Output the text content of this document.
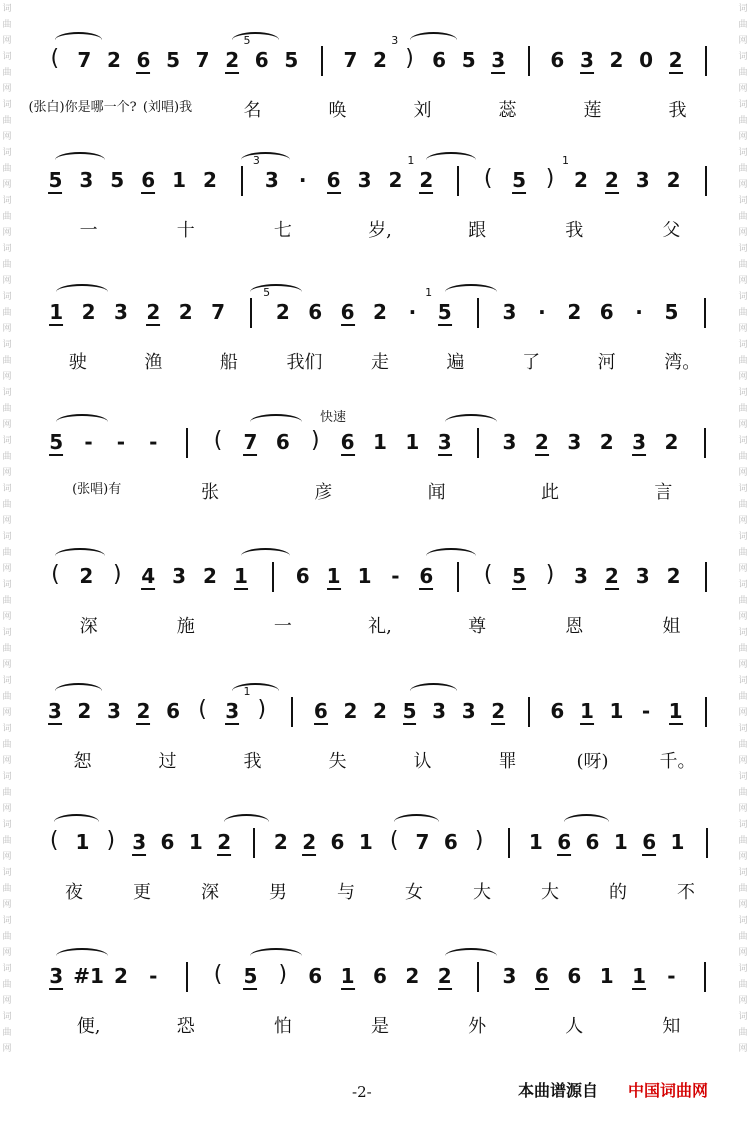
词
曲
网
词
曲
网
词
曲
网
词
曲
网
词
曲
网
词
曲
网
词
曲
网
词
曲
网
词
曲
网
词
曲
网
词
曲
网
词
曲
网
词
曲
网
词
曲
网
词
曲
网
词
曲
网
词
曲
网
词
曲
网
词
曲
网
词
曲
网
词
曲
网
词
曲
网
词
曲
网
词
曲
网
词
曲
网
词
曲
网
词
曲
网
词
曲
网
词
曲
网
词
曲
网
词
曲
网
词
曲
网
词
曲
网
词
曲
网
词
曲
网
词
曲
网
词
曲
网
词
曲
网
词
曲
网
词
曲
网
词
曲
网
词
曲
网
词
曲
网
词
曲
网
( 7 2 6 5 7 2 6 5 7 2 ) 6 5 3 6 3 2 0 2
5	3
(张白)你是哪一个? (刘唱)我	名	唤	刘	蕊	莲	我
5 3 5 6 1 2 3 · 6 3 2 2 ( 5 ) 2 2 3 2
3	1	1
一	十	七	岁,	跟	我	父
1 2 3 2 2 7	2 6 6 2 · 5	3 · 2 6 · 5
5	1
驶	渔	船	我们	走	遍	了	河	湾。
快速
5 - - -	( 7 6 ) 6 1 1 3	3 2 3 2 3 2
(张唱)有	张	彦	闻	此	言
( 2 ) 4 3 2 1 6 1 1 - 6 ( 5 ) 3 2 3 2
深	施	一	礼,	尊	恩	姐
3 2 3 2 6 ( 3 ) 6 2 2 5 3 3 2 6 1 1 - 1
1
恕	过	我	失	认	罪	(呀)	千。
( 1 ) 3 6 1 2 2 2 6 1 ( 7 6 ) 1 6 6 1 6 1
夜	更	深	男	与	女	大	大	的	不
3 #1 2 -	( 5 ) 6 1 6 2 2	3 6 6 1 1 -
便,	恐	怕	是	外	人	知
-2-	本曲谱源自 中国词曲网
